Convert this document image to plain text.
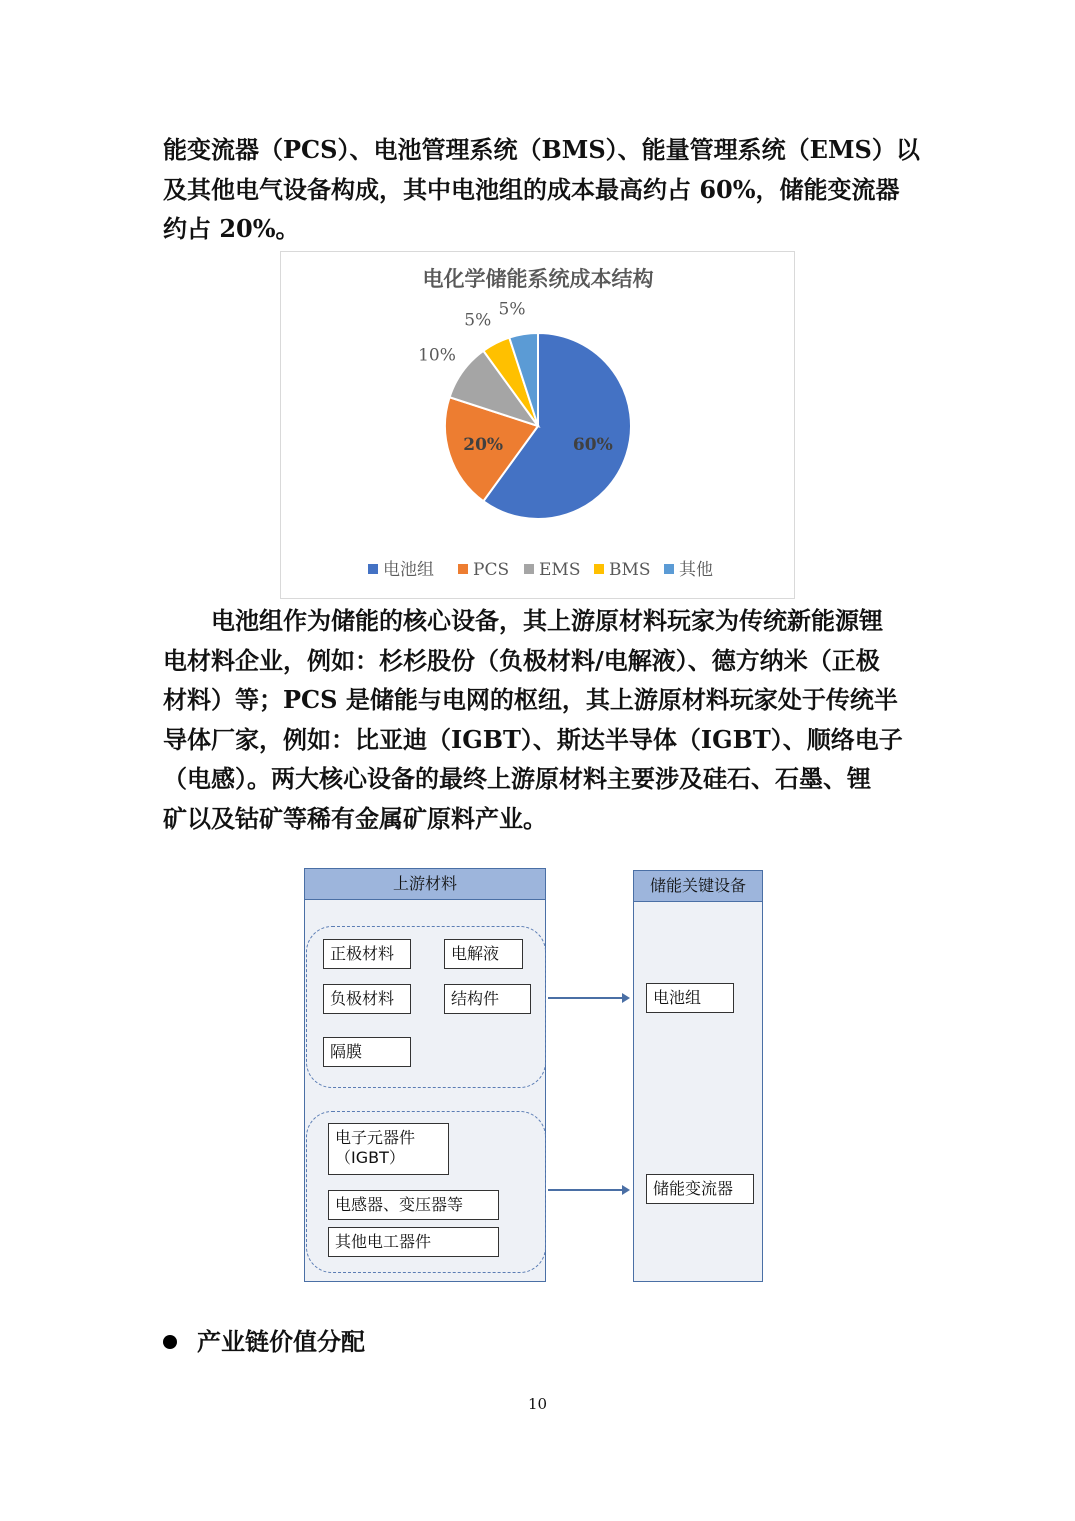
能变流器（PCS）、电池管理系统（BMS）、能量管理系统（EMS）以
及其他电气设备构成，其中电池组的成本最高约占 60%，储能变流器
约占 20%。
电化学储能系统成本结构
60%
20%
10%
5%
5%
电池组 PCS EMS BMS 其他
电池组作为储能的核心设备，其上游原材料玩家为传统新能源锂
电材料企业，例如：杉杉股份（负极材料/电解液）、德方纳米（正极
材料）等；PCS 是储能与电网的枢纽，其上游原材料玩家处于传统半
导体厂家，例如：比亚迪（IGBT）、斯达半导体（IGBT）、顺络电子
（电感）。两大核心设备的最终上游原材料主要涉及硅石、石墨、锂
矿以及钴矿等稀有金属矿原料产业。
上游材料	储能关键设备
正极材料	电解液
负极材料	结构件
隔膜
电子元器件
（IGBT）
电感器、变压器等
其他电工器件
电池组
储能变流器
产业链价值分配
10
